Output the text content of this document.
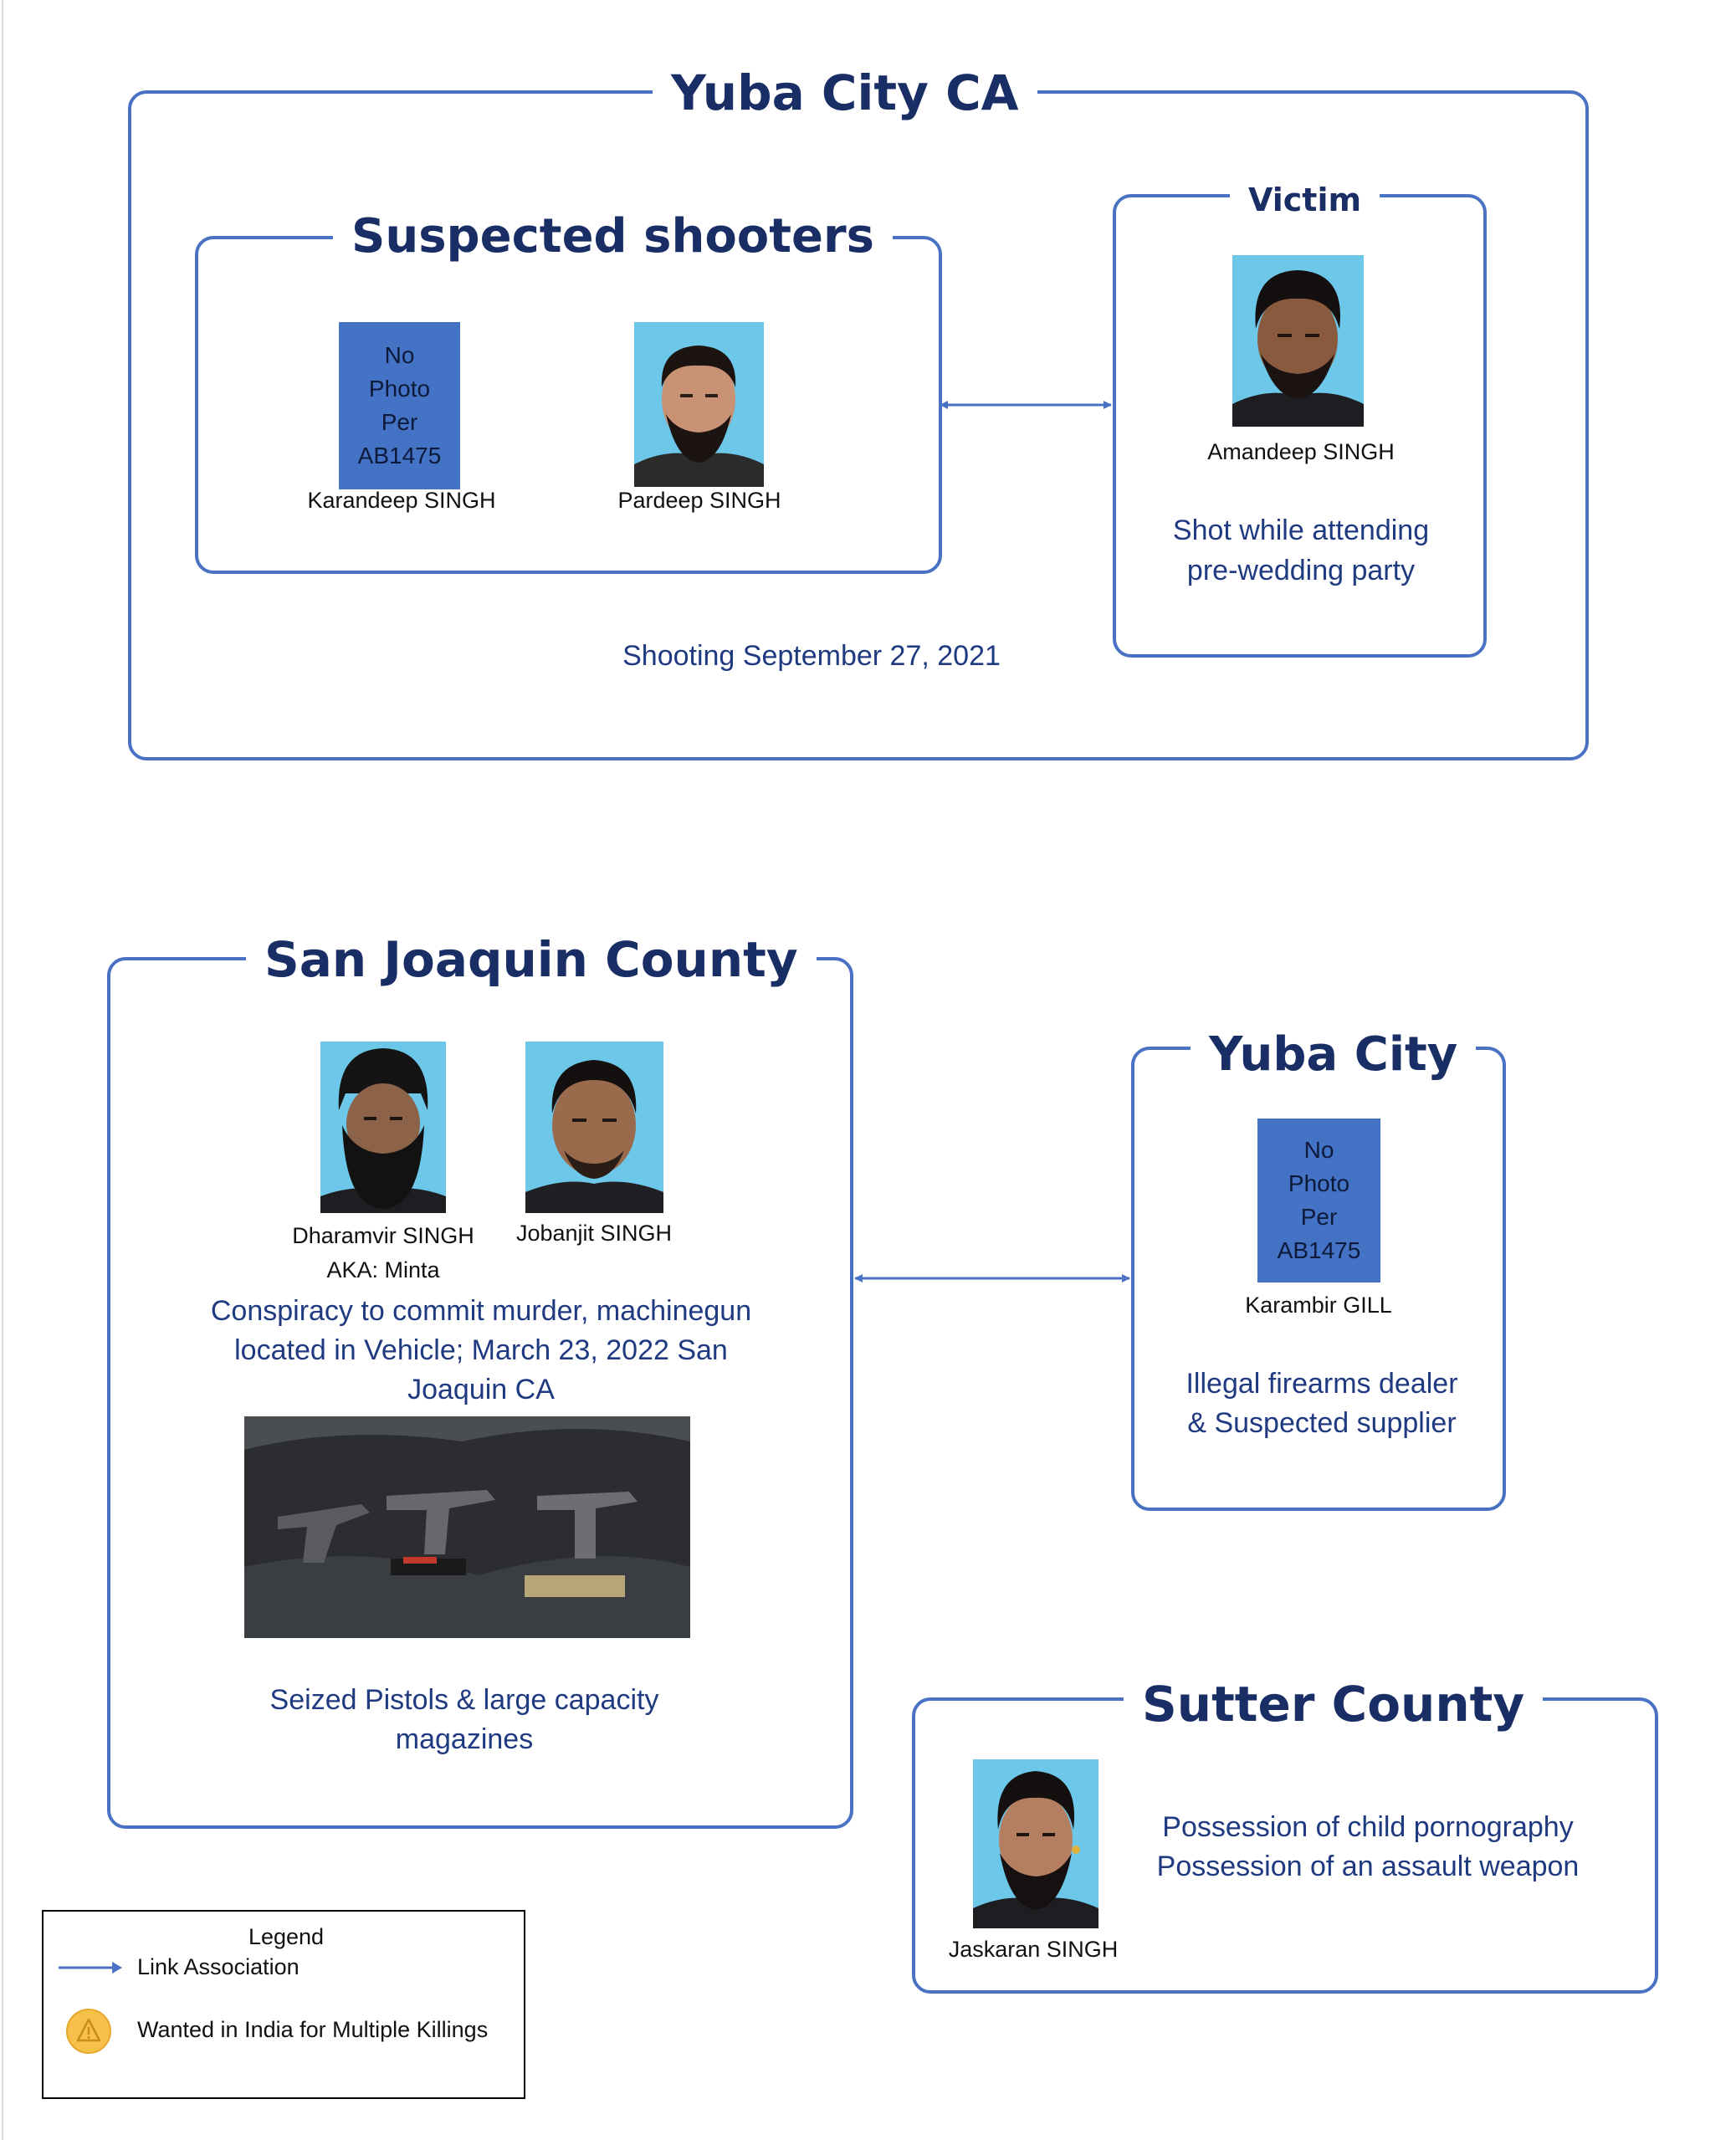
Yuba City CA
Suspected shooters
No
Photo
Per
AB1475
Karandeep SINGH	Pardeep SINGH
Victim
Amandeep SINGH
Shot while attending
pre-wedding party
Shooting September 27, 2021
San Joaquin County
Dharamvir SINGH
AKA: Minta
Jobanjit SINGH
Conspiracy to commit murder, machinegun
located in Vehicle; March 23, 2022 San
Joaquin CA
Seized Pistols & large capacity
magazines
Yuba City
No
Photo
Per
AB1475
Karambir GILL
Illegal firearms dealer
& Suspected supplier
Sutter County
Jaskaran SINGH
Possession of child pornography
Possession of an assault weapon
Legend
Link Association
Wanted in India for Multiple Killings
